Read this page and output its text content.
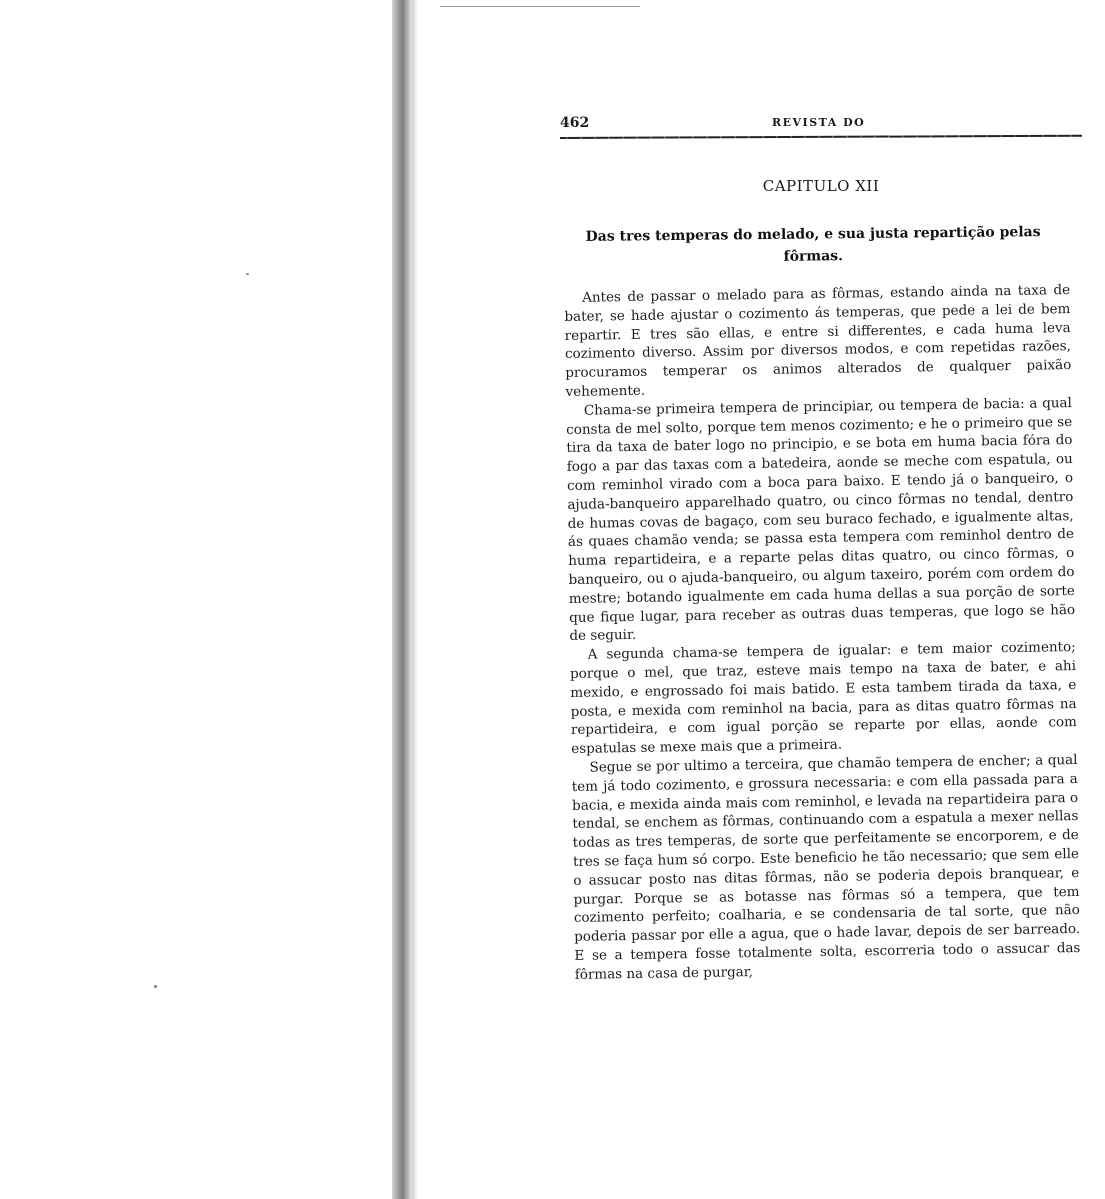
462	REVISTA DO
CAPITULO XII
Das tres temperas do melado, e sua justa repartição pelas fôrmas.

Antes de passar o melado para as fôrmas, estando ainda na taxa de bater, se hade ajustar o cozimento ás temperas, que pede a lei de bem repartir. E tres são ellas, e entre si differentes, e cada huma leva cozimento diverso. Assim por diversos modos, e com repetidas razões, procuramos temperar os animos alterados de qualquer paixão vehemente.

Chama-se primeira tempera de principiar, ou tempera de bacia: a qual consta de mel solto, porque tem menos cozimento; e he o primeiro que se tira da taxa de bater logo no principio, e se bota em huma bacia fóra do fogo a par das taxas com a batedeira, aonde se meche com espatula, ou com reminhol virado com a boca para baixo. E tendo já o banqueiro, o ajuda-banqueiro apparelhado quatro, ou cinco fôrmas no tendal, dentro de humas covas de bagaço, com seu buraco fechado, e igualmente altas, ás quaes chamão venda; se passa esta tempera com reminhol dentro de huma repartideira, e a reparte pelas ditas quatro, ou cinco fôrmas, o banqueiro, ou o ajuda-banqueiro, ou algum taxeiro, porém com ordem do mestre; botando igualmente em cada huma dellas a sua porção de sorte que fique lugar, para receber as outras duas temperas, que logo se hão de seguir.

A segunda chama-se tempera de igualar: e tem maior cozimento; porque o mel, que traz, esteve mais tempo na taxa de bater, e ahi mexido, e engrossado foi mais batido. E esta tambem tirada da taxa, e posta, e mexida com reminhol na bacia, para as ditas quatro fôrmas na repartideira, e com igual porção se reparte por ellas, aonde com espatulas se mexe mais que a primeira.

Segue se por ultimo a terceira, que chamão tempera de encher; a qual tem já todo cozimento, e grossura necessaria: e com ella passada para a bacia, e mexida ainda mais com reminhol, e levada na repartideira para o tendal, se enchem as fôrmas, continuando com a espatula a mexer nellas todas as tres temperas, de sorte que perfeitamente se encorporem, e de tres se faça hum só corpo. Este beneficio he tão necessario; que sem elle o assucar posto nas ditas fôrmas, não se poderia depois branquear, e purgar. Porque se as botasse nas fôrmas só a tempera, que tem cozimento perfeito; coalharia, e se condensaria de tal sorte, que não poderia passar por elle a agua, que o hade lavar, depois de ser barreado. E se a tempera fosse totalmente solta, escorreria todo o assucar das fôrmas na casa de purgar,
